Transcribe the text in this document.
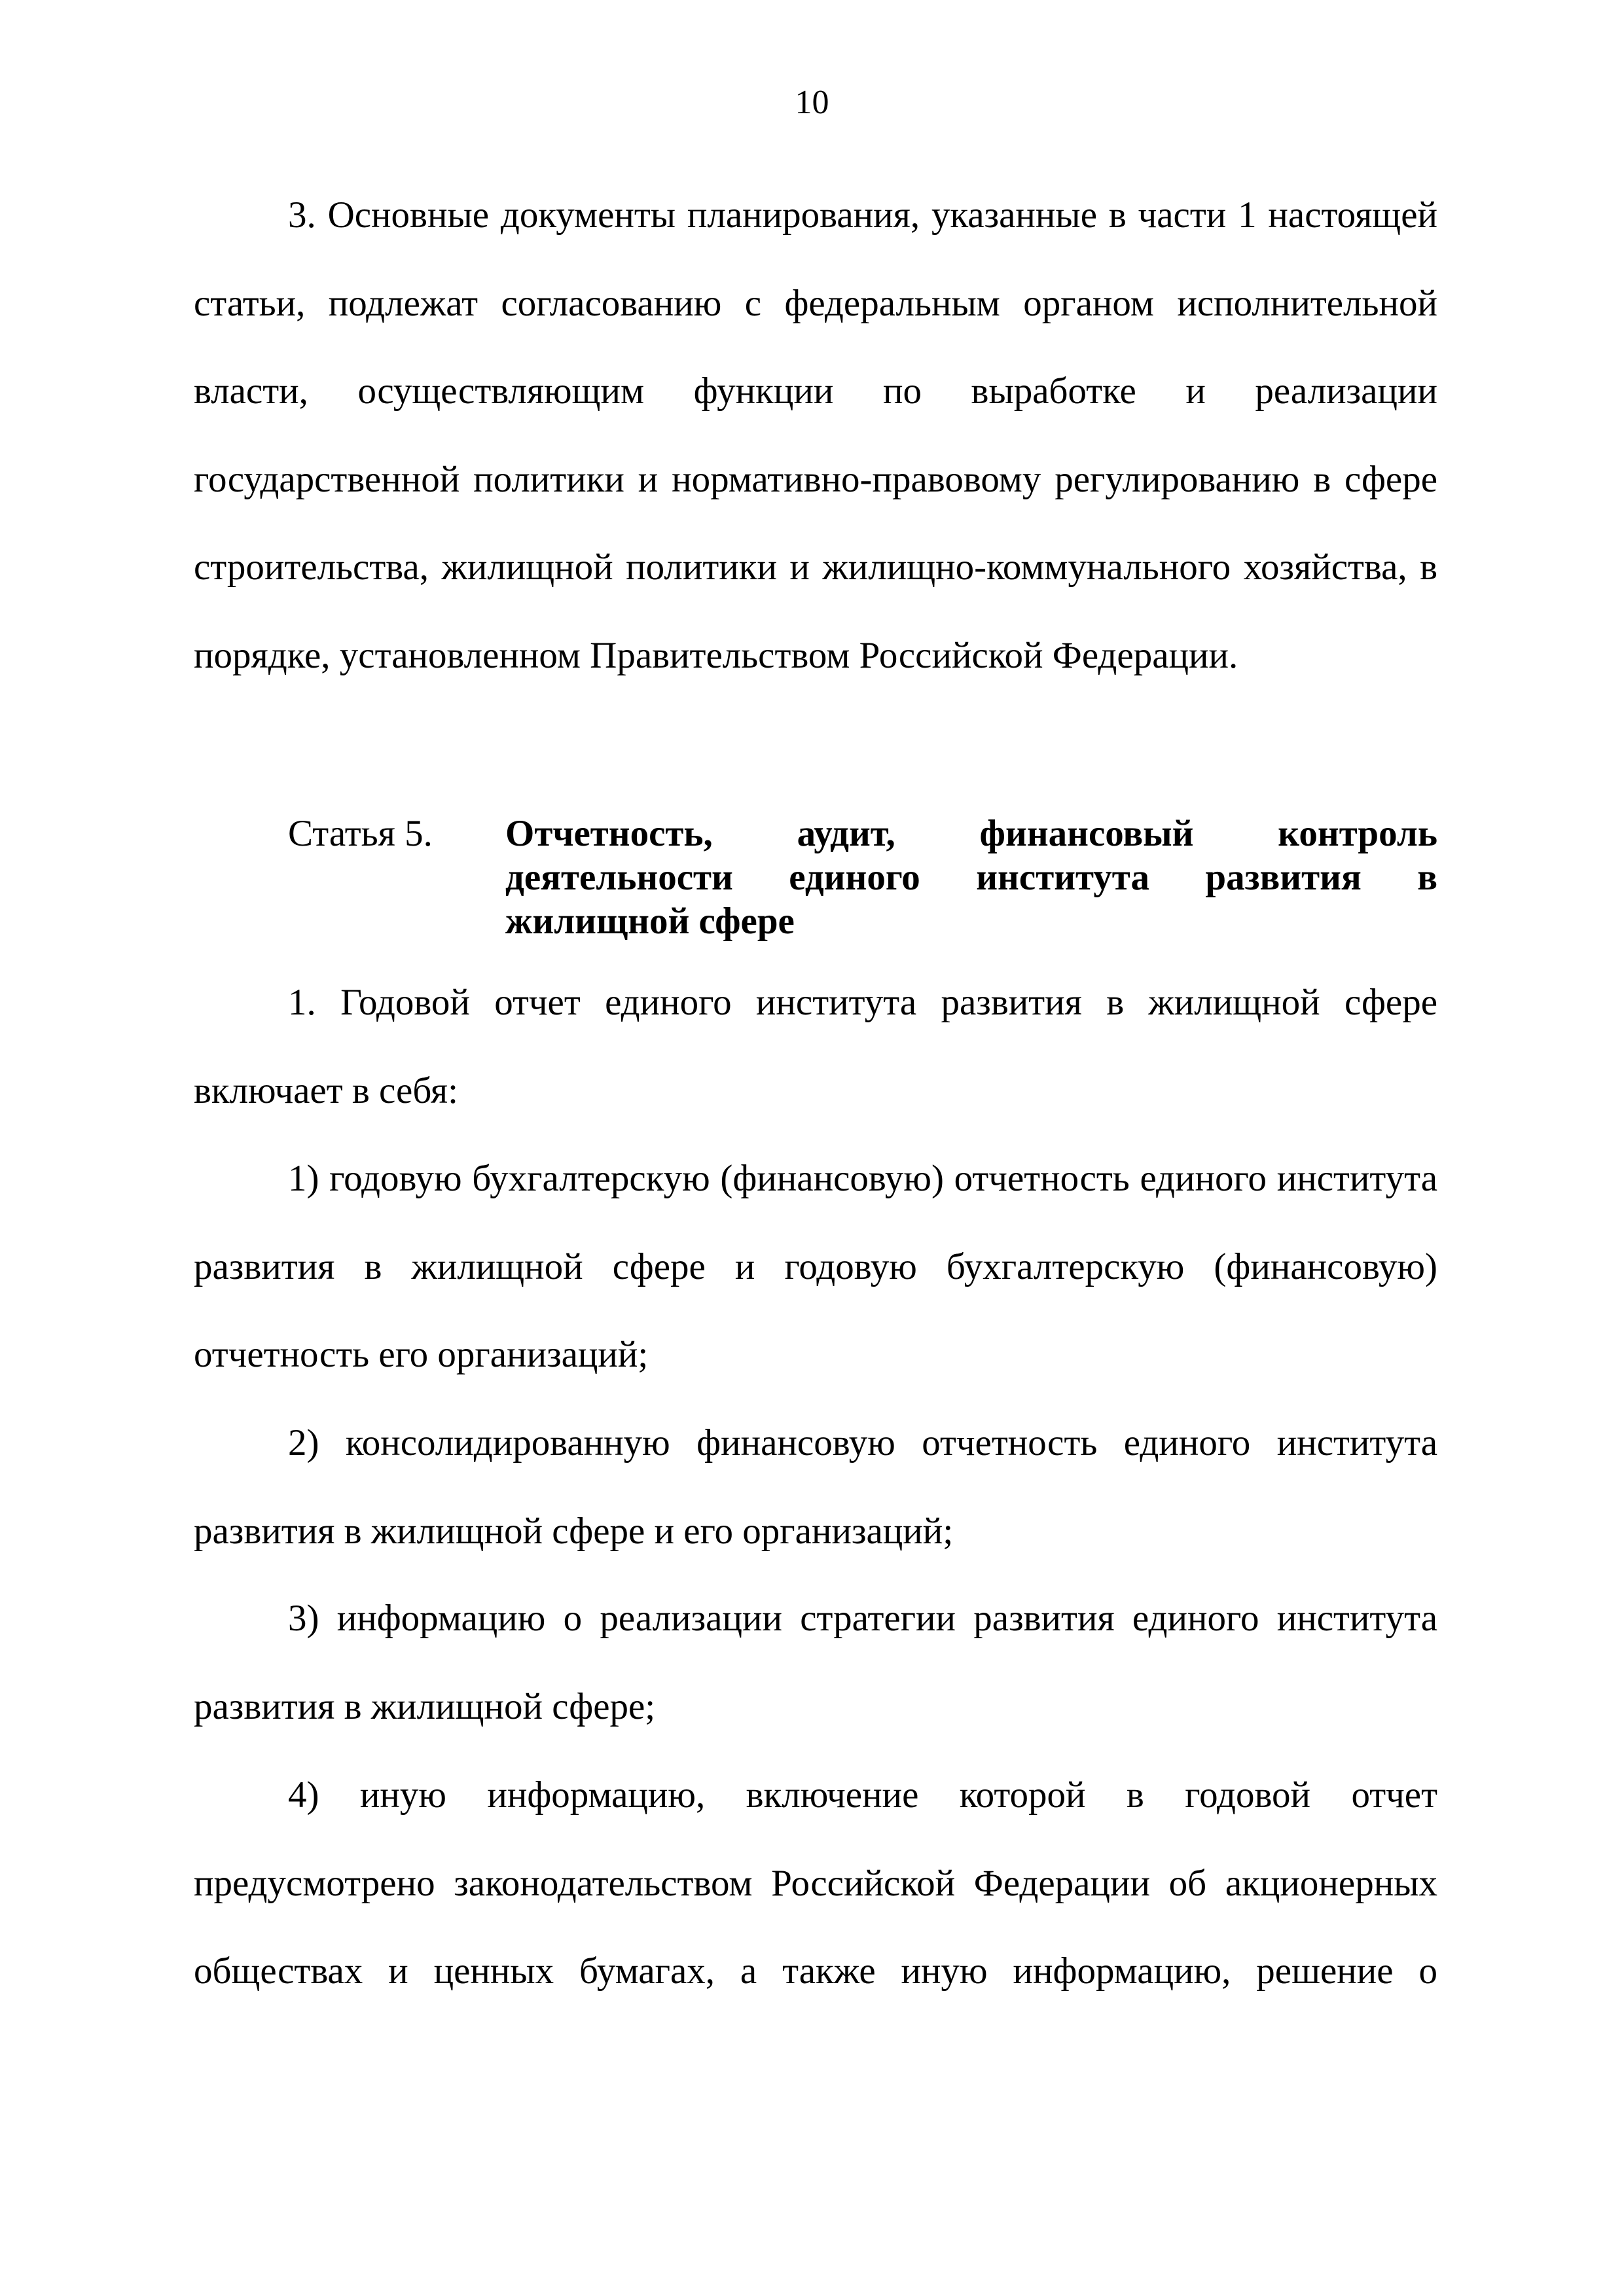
10

3. Основные документы планирования, указанные в части 1 настоящей статьи, подлежат согласованию с федеральным органом исполнительной власти, осуществляющим функции по выработке и реализации государственной политики и нормативно-правовому регулированию в сфере строительства, жилищной политики и жилищно-коммунального хозяйства, в порядке, установленном Правительством Российской Федерации.

Статья 5. Отчетность, аудит, финансовый контроль деятельности единого института развития в жилищной сфере

1. Годовой отчет единого института развития в жилищной сфере включает в себя:

1) годовую бухгалтерскую (финансовую) отчетность единого института развития в жилищной сфере и годовую бухгалтерскую (финансовую) отчетность его организаций;

2) консолидированную финансовую отчетность единого института развития в жилищной сфере и его организаций;

3) информацию о реализации стратегии развития единого института развития в жилищной сфере;

4) иную информацию, включение которой в годовой отчет предусмотрено законодательством Российской Федерации об акционерных обществах и ценных бумагах, а также иную информацию, решение о
